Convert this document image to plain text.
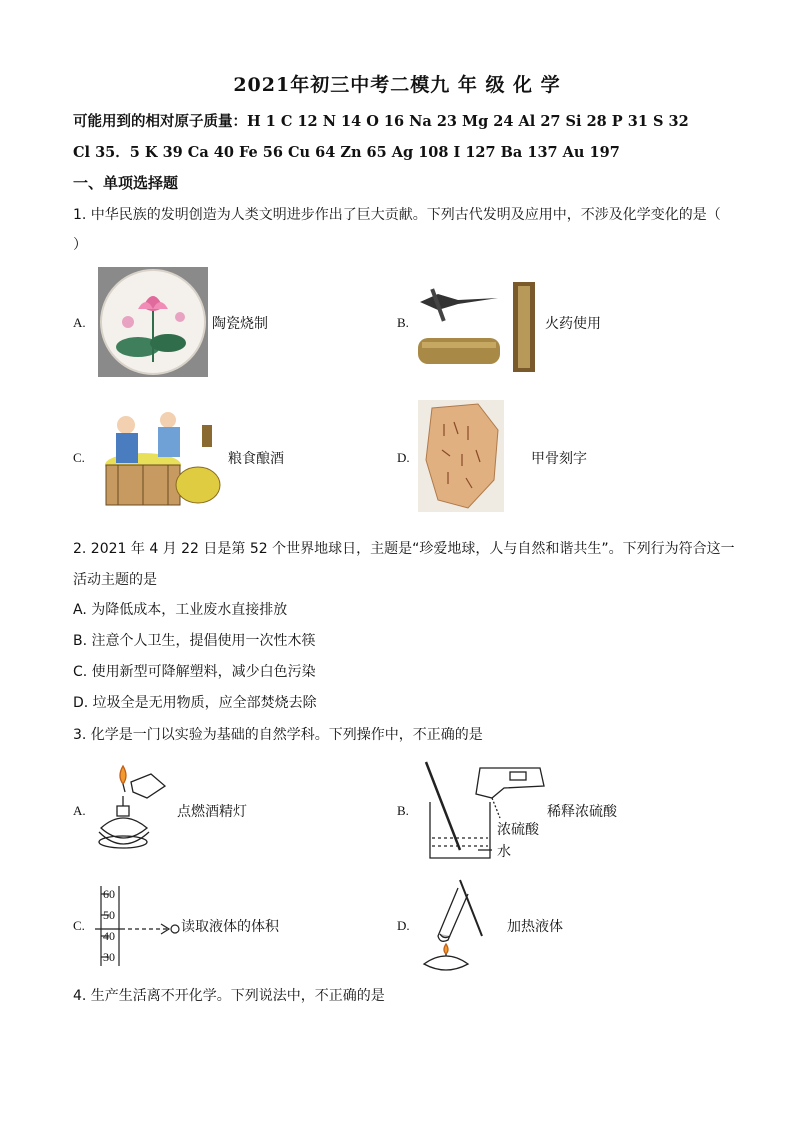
2021年初三中考二模九 年 级 化 学
可能用到的相对原子质量：H 1 C 12 N 14 O 16 Na 23 Mg 24 Al 27 Si 28 P 31 S 32
Cl 35．5 K 39 Ca 40 Fe 56 Cu 64 Zn 65 Ag 108 I 127 Ba 137 Au 197
一、单项选择题
1. 中华民族的发明创造为人类文明进步作出了巨大贡献。下列古代发明及应用中，不涉及化学变化的是（
）
A.	陶瓷烧制	B.	火药使用
C.	粮食酿酒	D.	甲骨刻字
2. 2021 年 4 月 22 日是第 52 个世界地球日，主题是“珍爱地球，人与自然和谐共生”。下列行为符合这一
活动主题的是
A. 为降低成本，工业废水直接排放
B. 注意个人卫生，提倡使用一次性木筷
C. 使用新型可降解塑料，减少白色污染
D. 垃圾全是无用物质，应全部焚烧去除
3. 化学是一门以实验为基础的自然学科。下列操作中，不正确的是
A.	点燃酒精灯	B.	稀释浓硫酸
浓硫酸
水
C.
60
50
40
30
读取液体的体积	D.	加热液体
4. 生产生活离不开化学。下列说法中，不正确的是
